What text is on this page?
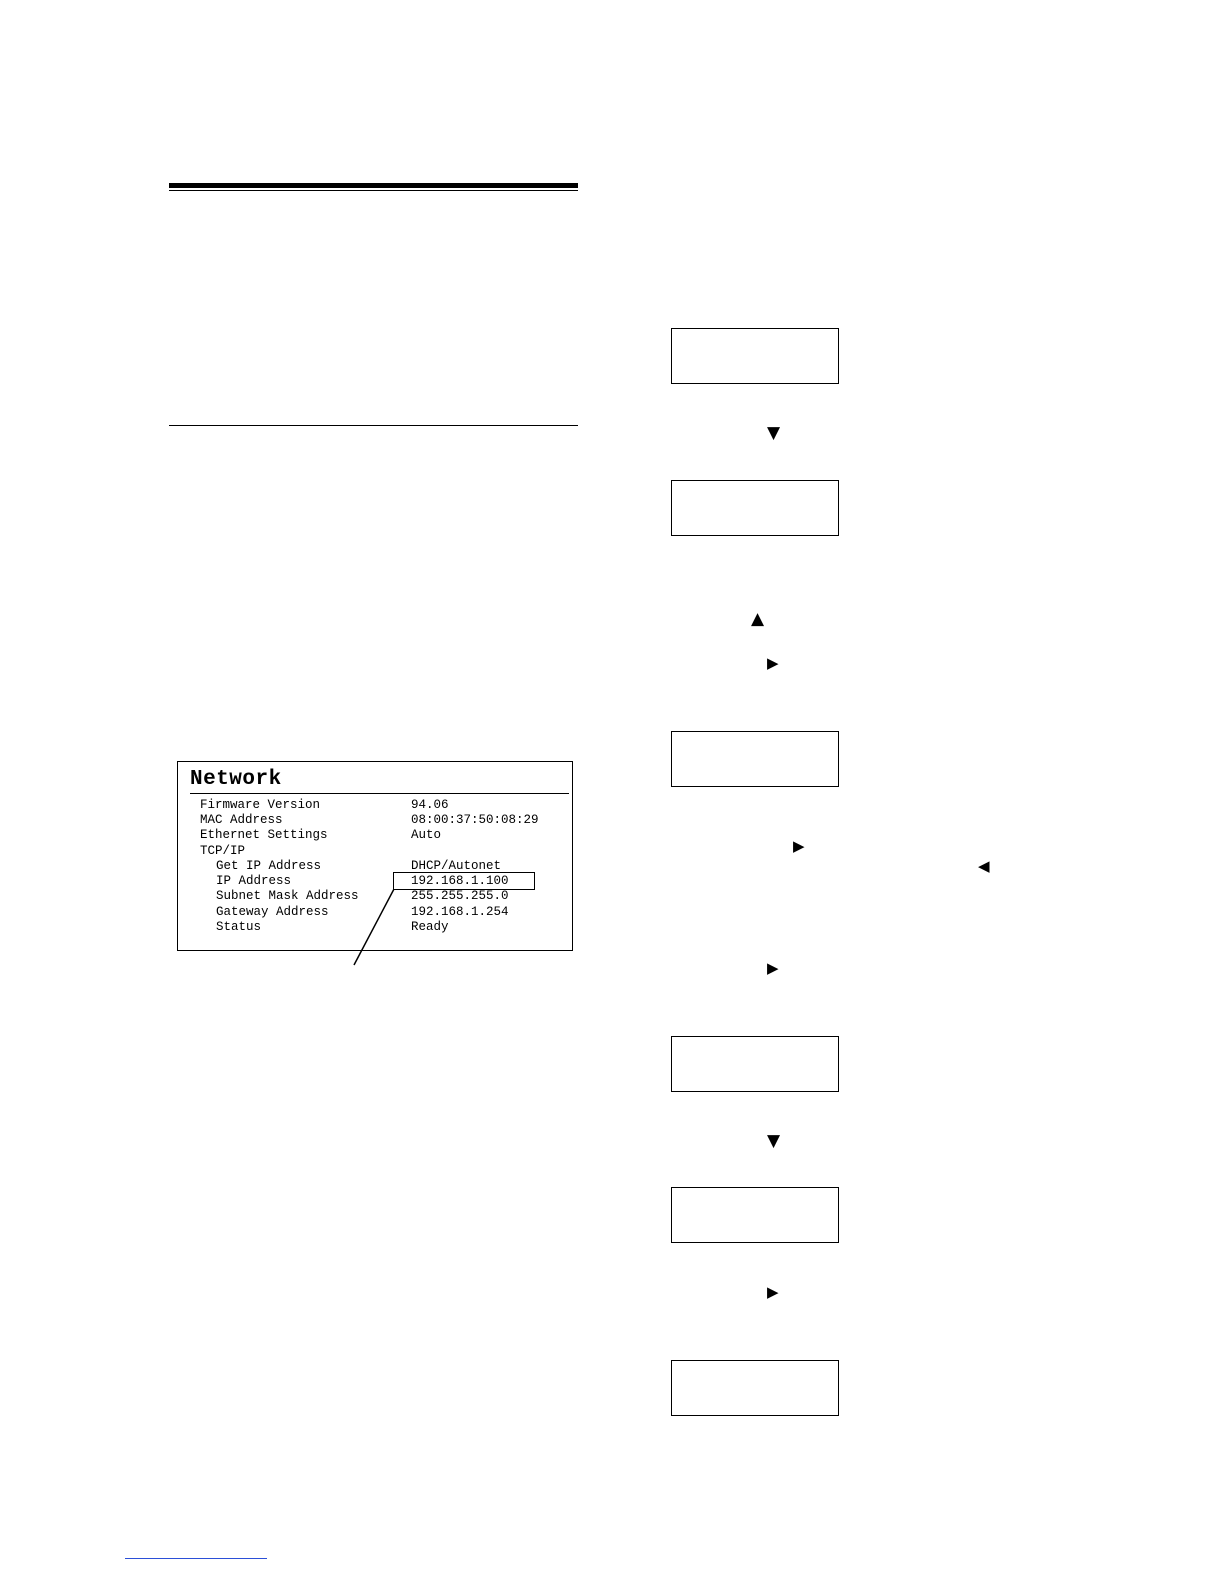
Network
Firmware Version	94.06
MAC Address	08:00:37:50:08:29
Ethernet Settings	Auto
TCP/IP
Get IP Address	DHCP/Autonet
IP Address	192.168.1.100
Subnet Mask Address	255.255.255.0
Gateway Address	192.168.1.254
Status	Ready
▼
▲
▶
▶
◀
▶
▼
▶
